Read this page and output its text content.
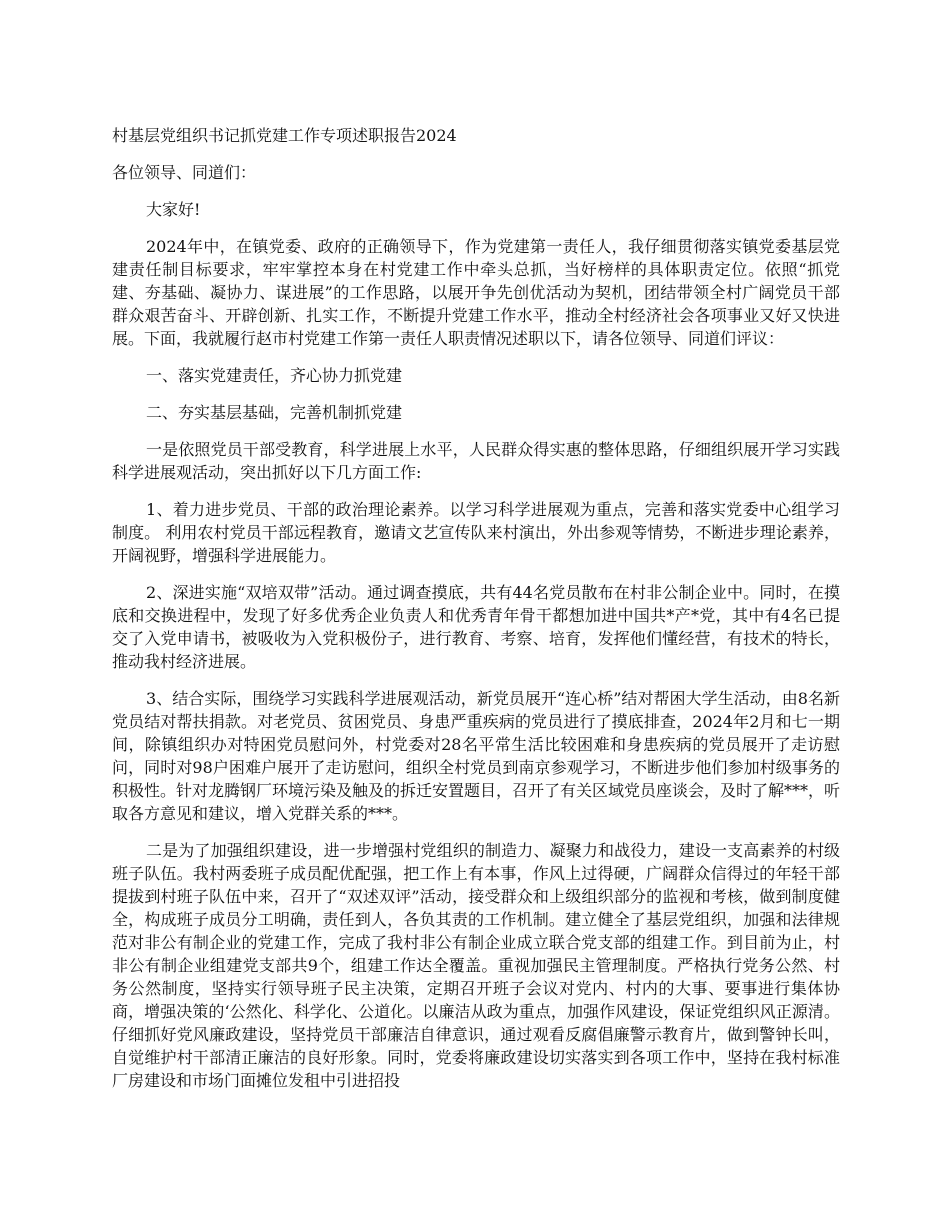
村基层党组织书记抓党建工作专项述职报告2024

各位领导、同道们：

大家好!

2024年中，在镇党委、政府的正确领导下，作为党建第一责任人，我仔细贯彻落实镇党委基层党建责任制目标要求，牢牢掌控本身在村党建工作中牵头总抓，当好榜样的具体职责定位。依照“抓党建、夯基础、凝协力、谋进展”的工作思路，以展开争先创优活动为契机，团结带领全村广阔党员干部群众艰苦奋斗、开辟创新、扎实工作，不断提升党建工作水平，推动全村经济社会各项事业又好又快进展。下面，我就履行赵市村党建工作第一责任人职责情况述职以下，请各位领导、同道们评议：

一、落实党建责任，齐心协力抓党建

二、夯实基层基础，完善机制抓党建

一是依照党员干部受教育，科学进展上水平，人民群众得实惠的整体思路，仔细组织展开学习实践科学进展观活动，突出抓好以下几方面工作:

1、着力进步党员、干部的政治理论素养。以学习科学进展观为重点，完善和落实党委中心组学习制度。 利用农村党员干部远程教育，邀请文艺宣传队来村演出，外出参观等情势，不断进步理论素养，开阔视野，增强科学进展能力。

2、深进实施“双培双带”活动。通过调查摸底，共有44名党员散布在村非公制企业中。同时，在摸底和交换进程中，发现了好多优秀企业负责人和优秀青年骨干都想加进中国共*产*党，其中有4名已提交了入党申请书，被吸收为入党积极份子，进行教育、考察、培育，发挥他们懂经营，有技术的特长，推动我村经济进展。

3、结合实际，围绕学习实践科学进展观活动，新党员展开“连心桥”结对帮困大学生活动，由8名新党员结对帮扶捐款。对老党员、贫困党员、身患严重疾病的党员进行了摸底排查，2024年2月和七一期间，除镇组织办对特困党员慰问外，村党委对28名平常生活比较困难和身患疾病的党员展开了走访慰问，同时对98户困难户展开了走访慰问，组织全村党员到南京参观学习，不断进步他们参加村级事务的积极性。针对龙腾钢厂环境污染及触及的拆迁安置题目，召开了有关区域党员座谈会，及时了解***，听取各方意见和建议，增入党群关系的***。

二是为了加强组织建设，进一步增强村党组织的制造力、凝聚力和战役力，建设一支高素养的村级班子队伍。我村两委班子成员配优配强，把工作上有本事，作风上过得硬，广阔群众信得过的年轻干部提拔到村班子队伍中来，召开了“双述双评”活动，接受群众和上级组织部分的监视和考核，做到制度健全，构成班子成员分工明确，责任到人，各负其责的工作机制。建立健全了基层党组织，加强和法律规范对非公有制企业的党建工作，完成了我村非公有制企业成立联合党支部的组建工作。到目前为止，村非公有制企业组建党支部共9个，组建工作达全覆盖。重视加强民主管理制度。严格执行党务公然、村务公然制度，坚持实行领导班子民主决策，定期召开班子会议对党内、村内的大事、要事进行集体协商，增强决策的‘公然化、科学化、公道化。以廉洁从政为重点，加强作风建设，保证党组织风正源清。仔细抓好党风廉政建设，坚持党员干部廉洁自律意识，通过观看反腐倡廉警示教育片，做到警钟长叫，自觉维护村干部清正廉洁的良好形象。同时，党委将廉政建设切实落实到各项工作中，坚持在我村标准厂房建设和市场门面摊位发租中引进招投
